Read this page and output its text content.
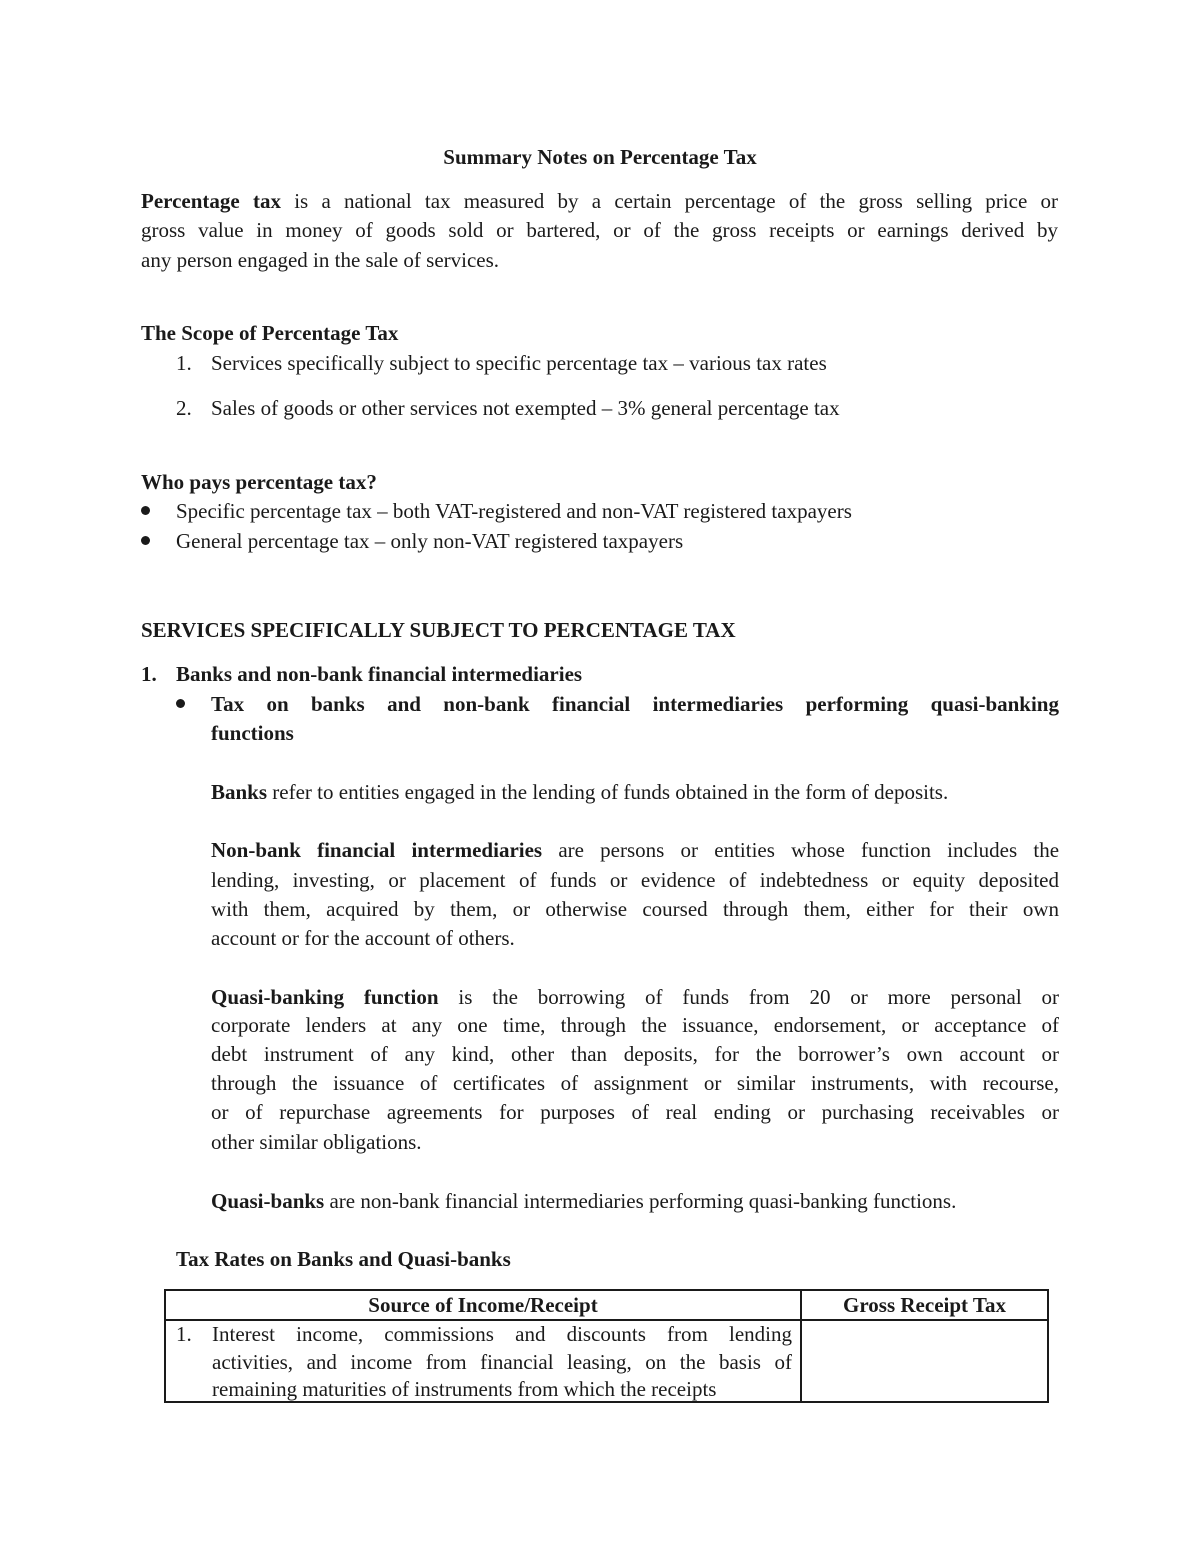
Summary Notes on Percentage Tax
Percentage tax is a national tax measured by a certain percentage of the gross selling price or
gross value in money of goods sold or bartered, or of the gross receipts or earnings derived by
any person engaged in the sale of services.
The Scope of Percentage Tax
1. Services specifically subject to specific percentage tax – various tax rates
2. Sales of goods or other services not exempted – 3% general percentage tax
Who pays percentage tax?
Specific percentage tax – both VAT-registered and non-VAT registered taxpayers
General percentage tax – only non-VAT registered taxpayers
SERVICES SPECIFICALLY SUBJECT TO PERCENTAGE TAX
1. Banks and non-bank financial intermediaries
Tax on banks and non-bank financial intermediaries performing quasi-banking
functions
Banks refer to entities engaged in the lending of funds obtained in the form of deposits.
Non-bank financial intermediaries are persons or entities whose function includes the
lending, investing, or placement of funds or evidence of indebtedness or equity deposited
with them, acquired by them, or otherwise coursed through them, either for their own
account or for the account of others.
Quasi-banking function is the borrowing of funds from 20 or more personal or
corporate lenders at any one time, through the issuance, endorsement, or acceptance of
debt instrument of any kind, other than deposits, for the borrower’s own account or
through the issuance of certificates of assignment or similar instruments, with recourse,
or of repurchase agreements for purposes of real ending or purchasing receivables or
other similar obligations.
Quasi-banks are non-bank financial intermediaries performing quasi-banking functions.
Tax Rates on Banks and Quasi-banks
Source of Income/Receipt	Gross Receipt Tax

1. Interest income, commissions and discounts from lending
activities, and income from financial leasing, on the basis of
remaining maturities of instruments from which the receipts	
